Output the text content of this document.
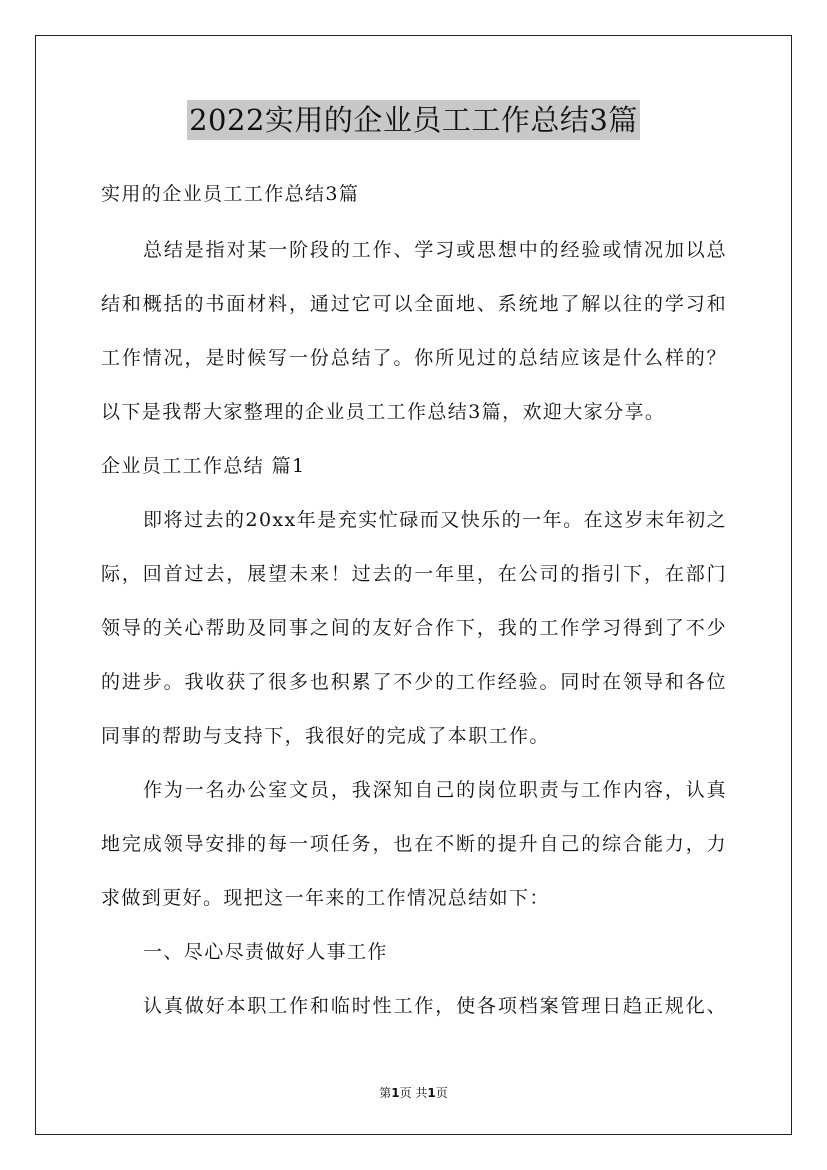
2022实用的企业员工工作总结3篇
实用的企业员工工作总结3篇
总结是指对某一阶段的工作、学习或思想中的经验或情况加以总
结和概括的书面材料，通过它可以全面地、系统地了解以往的学习和
工作情况，是时候写一份总结了。你所见过的总结应该是什么样的？
以下是我帮大家整理的企业员工工作总结3篇，欢迎大家分享。
企业员工工作总结 篇1
即将过去的20xx年是充实忙碌而又快乐的一年。在这岁末年初之
际，回首过去，展望未来！过去的一年里，在公司的指引下，在部门
领导的关心帮助及同事之间的友好合作下，我的工作学习得到了不少
的进步。我收获了很多也积累了不少的工作经验。同时在领导和各位
同事的帮助与支持下，我很好的完成了本职工作。
作为一名办公室文员，我深知自己的岗位职责与工作内容，认真
地完成领导安排的每一项任务，也在不断的提升自己的综合能力，力
求做到更好。现把这一年来的工作情况总结如下：
一、尽心尽责做好人事工作
认真做好本职工作和临时性工作，使各项档案管理日趋正规化、
第1页 共1页
